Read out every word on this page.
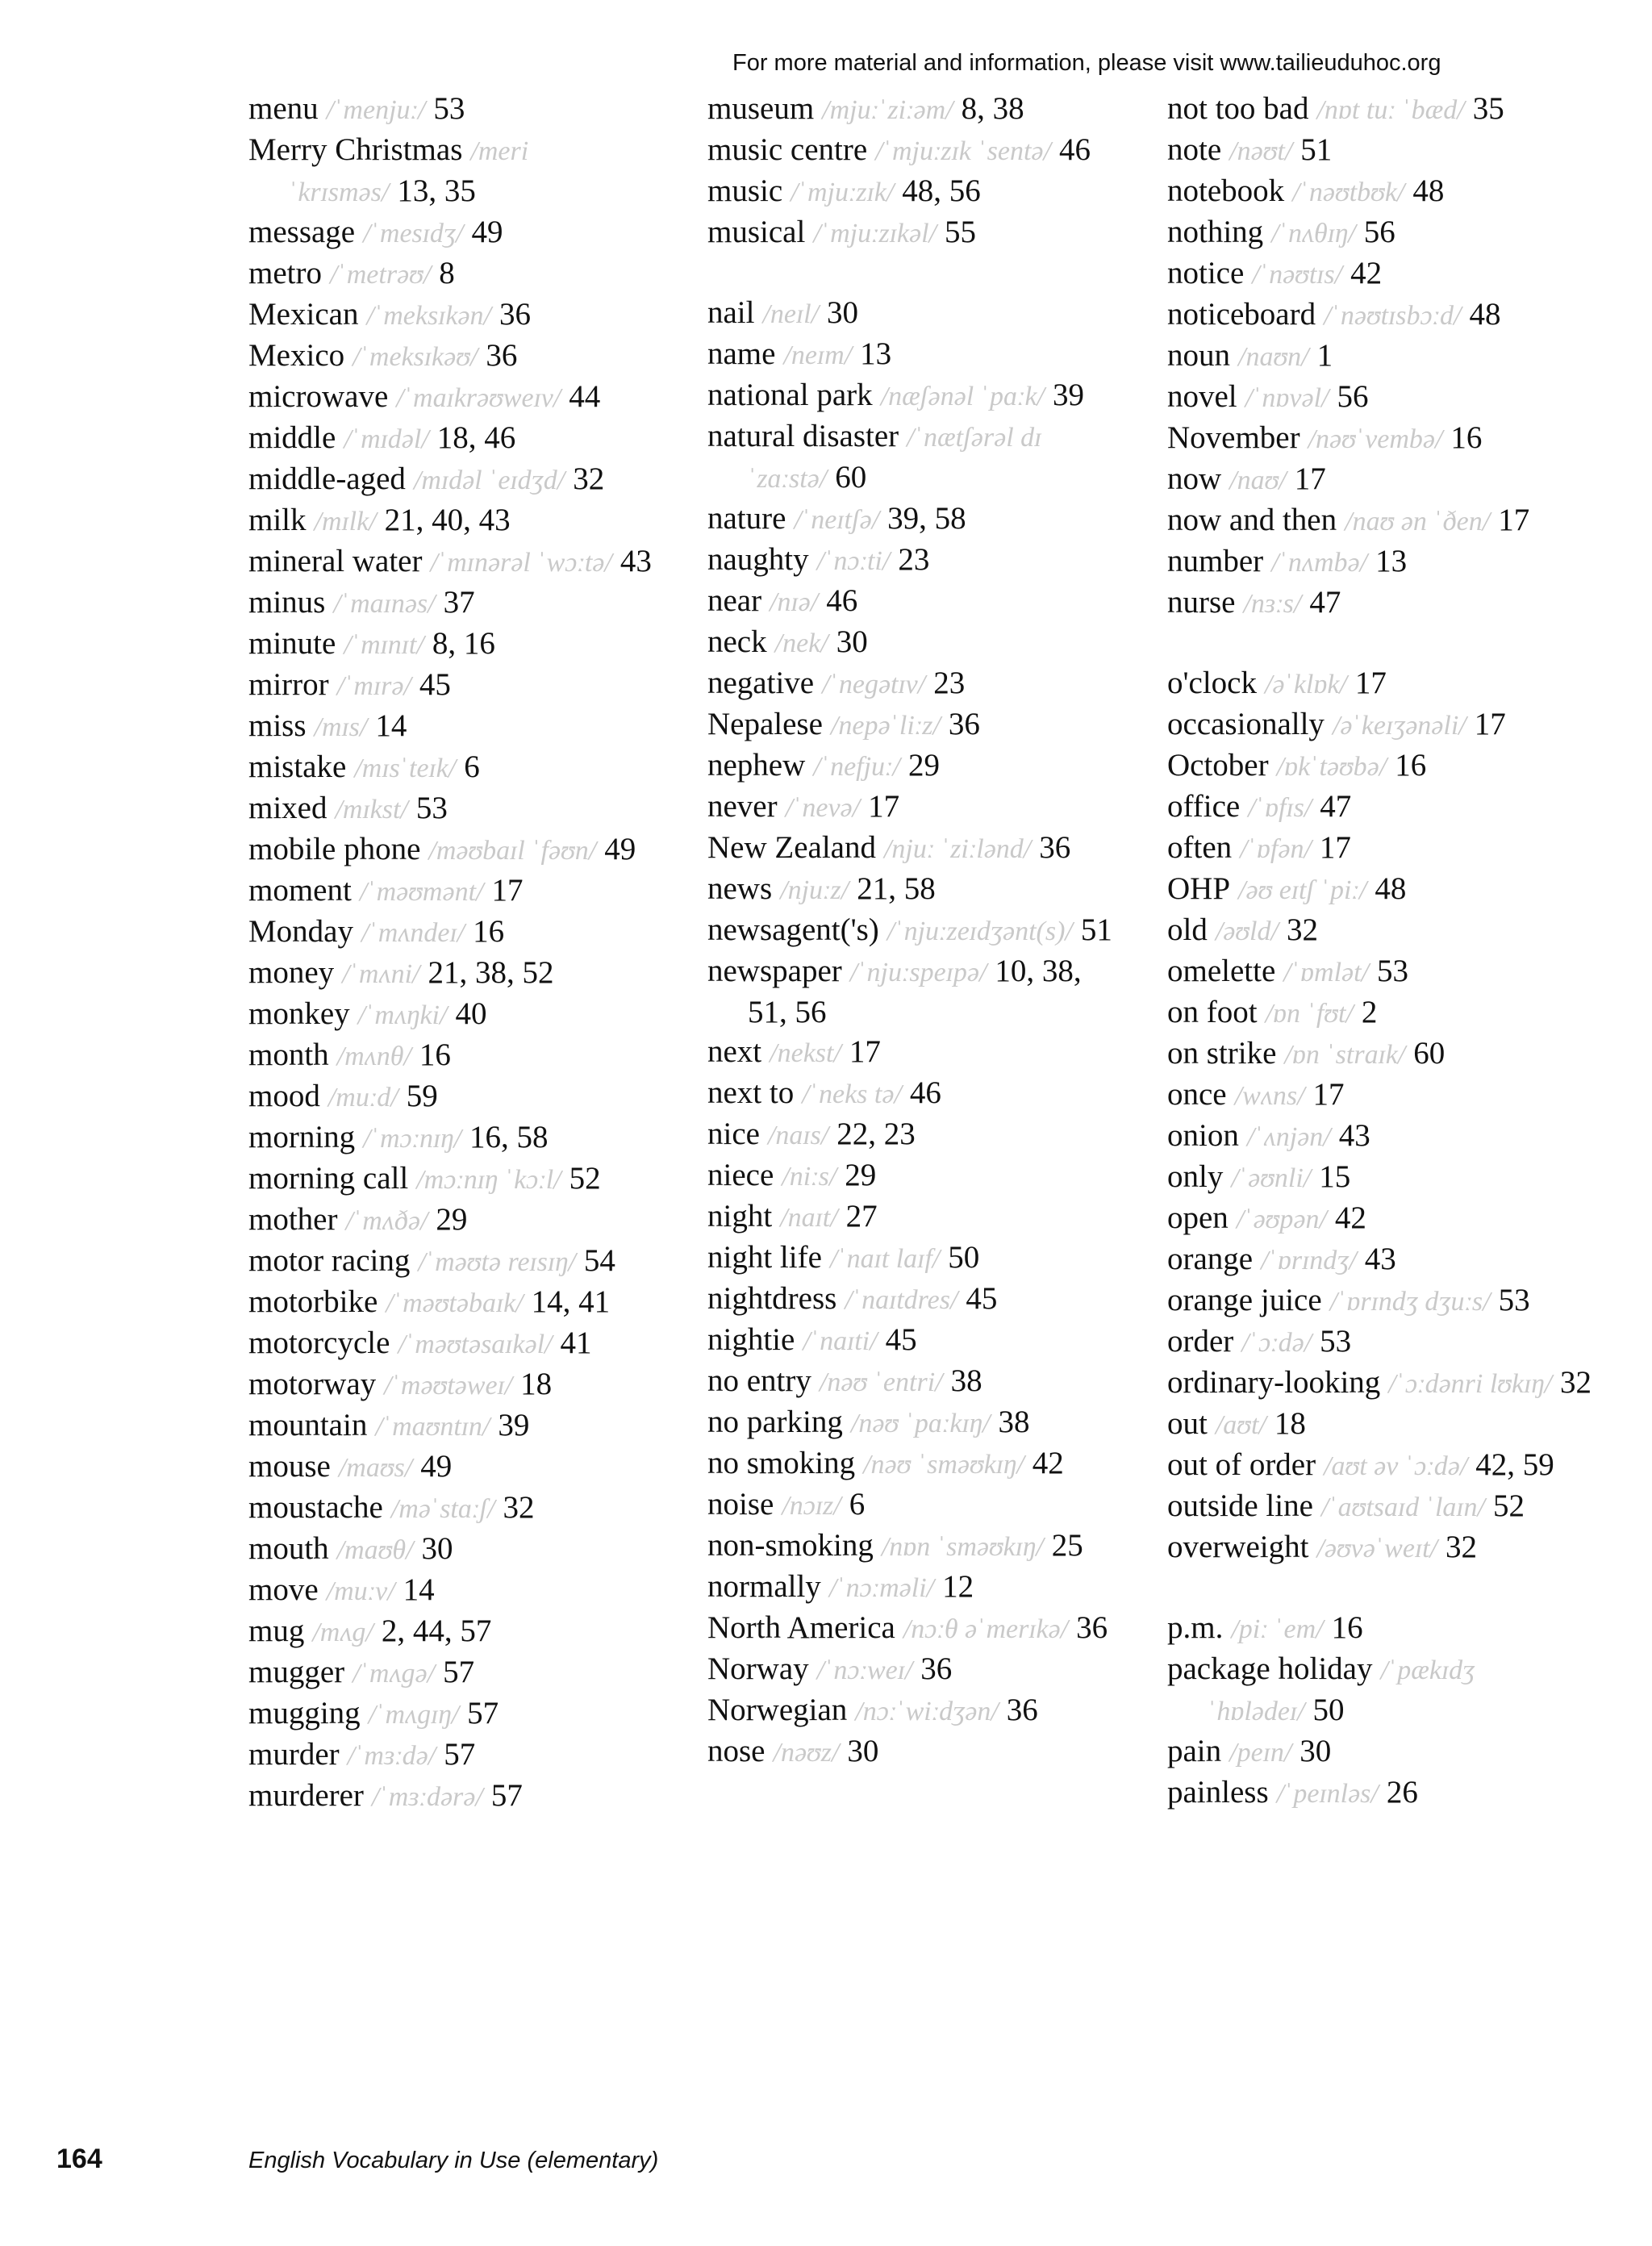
For more material and information, please visit www.tailieuduhoc.org
menu /ˈmenjuː/ 53
Merry Christmas /meri ˈkrɪsməs/ 13, 35
message /ˈmesɪdʒ/ 49
metro /ˈmetrəʊ/ 8
Mexican /ˈmeksɪkən/ 36
Mexico /ˈmeksɪkəʊ/ 36
microwave /ˈmaɪkrəʊweɪv/ 44
middle /ˈmɪdəl/ 18, 46
middle-aged /mɪdəl ˈeɪdʒd/ 32
milk /mɪlk/ 21, 40, 43
mineral water /ˈmɪnərəl ˈwɔːtə/ 43
minus /ˈmaɪnəs/ 37
minute /ˈmɪnɪt/ 8, 16
mirror /ˈmɪrə/ 45
miss /mɪs/ 14
mistake /mɪsˈteɪk/ 6
mixed /mɪkst/ 53
mobile phone /məʊbaɪl ˈfəʊn/ 49
moment /ˈməʊmənt/ 17
Monday /ˈmʌndeɪ/ 16
money /ˈmʌni/ 21, 38, 52
monkey /ˈmʌŋki/ 40
month /mʌnθ/ 16
mood /muːd/ 59
morning /ˈmɔːnɪŋ/ 16, 58
morning call /mɔːnɪŋ ˈkɔːl/ 52
mother /ˈmʌðə/ 29
motor racing /ˈməʊtə reɪsɪŋ/ 54
motorbike /ˈməʊtəbaɪk/ 14, 41
motorcycle /ˈməʊtəsaɪkəl/ 41
motorway /ˈməʊtəweɪ/ 18
mountain /ˈmaʊntɪn/ 39
mouse /maʊs/ 49
moustache /məˈstɑːʃ/ 32
mouth /maʊθ/ 30
move /muːv/ 14
mug /mʌg/ 2, 44, 57
mugger /ˈmʌgə/ 57
mugging /ˈmʌgɪŋ/ 57
murder /ˈmɜːdə/ 57
murderer /ˈmɜːdərə/ 57
museum /mjuːˈziːəm/ 8, 38
music centre /ˈmjuːzɪk ˈsentə/ 46
music /ˈmjuːzɪk/ 48, 56
musical /ˈmjuːzɪkəl/ 55
nail /neɪl/ 30
name /neɪm/ 13
national park /næʃənəl ˈpɑːk/ 39
natural disaster /ˈnætʃərəl dɪˈzɑːstə/ 60
nature /ˈneɪtʃə/ 39, 58
naughty /ˈnɔːti/ 23
near /nɪə/ 46
neck /nek/ 30
negative /ˈnegətɪv/ 23
Nepalese /nepəˈliːz/ 36
nephew /ˈnefjuː/ 29
never /ˈnevə/ 17
New Zealand /njuː ˈziːlənd/ 36
news /njuːz/ 21, 58
newsagent('s) /ˈnjuːzeɪdʒənt(s)/ 51
newspaper /ˈnjuːspeɪpə/ 10, 38, 51, 56
next /nekst/ 17
next to /ˈneks tə/ 46
nice /naɪs/ 22, 23
niece /niːs/ 29
night /naɪt/ 27
night life /ˈnaɪt laɪf/ 50
nightdress /ˈnaɪtdres/ 45
nightie /ˈnaɪti/ 45
no entry /nəʊ ˈentri/ 38
no parking /nəʊ ˈpɑːkɪŋ/ 38
no smoking /nəʊ ˈsməʊkɪŋ/ 42
noise /nɔɪz/ 6
non-smoking /nɒn ˈsməʊkɪŋ/ 25
normally /ˈnɔːməli/ 12
North America /nɔːθ əˈmerɪkə/ 36
Norway /ˈnɔːweɪ/ 36
Norwegian /nɔːˈwiːdʒən/ 36
nose /nəʊz/ 30
not too bad /nɒt tuː ˈbæd/ 35
note /nəʊt/ 51
notebook /ˈnəʊtbʊk/ 48
nothing /ˈnʌθɪŋ/ 56
notice /ˈnəʊtɪs/ 42
noticeboard /ˈnəʊtɪsbɔːd/ 48
noun /naʊn/ 1
novel /ˈnɒvəl/ 56
November /nəʊˈvembə/ 16
now /naʊ/ 17
now and then /naʊ ən ˈðen/ 17
number /ˈnʌmbə/ 13
nurse /nɜːs/ 47
o'clock /əˈklɒk/ 17
occasionally /əˈkeɪʒənəli/ 17
October /ɒkˈtəʊbə/ 16
office /ˈɒfɪs/ 47
often /ˈɒfən/ 17
OHP /əʊ eɪtʃ ˈpiː/ 48
old /əʊld/ 32
omelette /ˈɒmlət/ 53
on foot /ɒn ˈfʊt/ 2
on strike /ɒn ˈstraɪk/ 60
once /wʌns/ 17
onion /ˈʌnjən/ 43
only /ˈəʊnli/ 15
open /ˈəʊpən/ 42
orange /ˈɒrɪndʒ/ 43
orange juice /ˈɒrɪndʒ dʒuːs/ 53
order /ˈɔːdə/ 53
ordinary-looking /ˈɔːdənri lʊkɪŋ/ 32
out /aʊt/ 18
out of order /aʊt əv ˈɔːdə/ 42, 59
outside line /ˈaʊtsaɪd ˈlaɪn/ 52
overweight /əʊvəˈweɪt/ 32
p.m. /piː ˈem/ 16
package holiday /ˈpækɪdʒ ˈhɒlədeɪ/ 50
pain /peɪn/ 30
painless /ˈpeɪnləs/ 26
164	English Vocabulary in Use (elementary)
